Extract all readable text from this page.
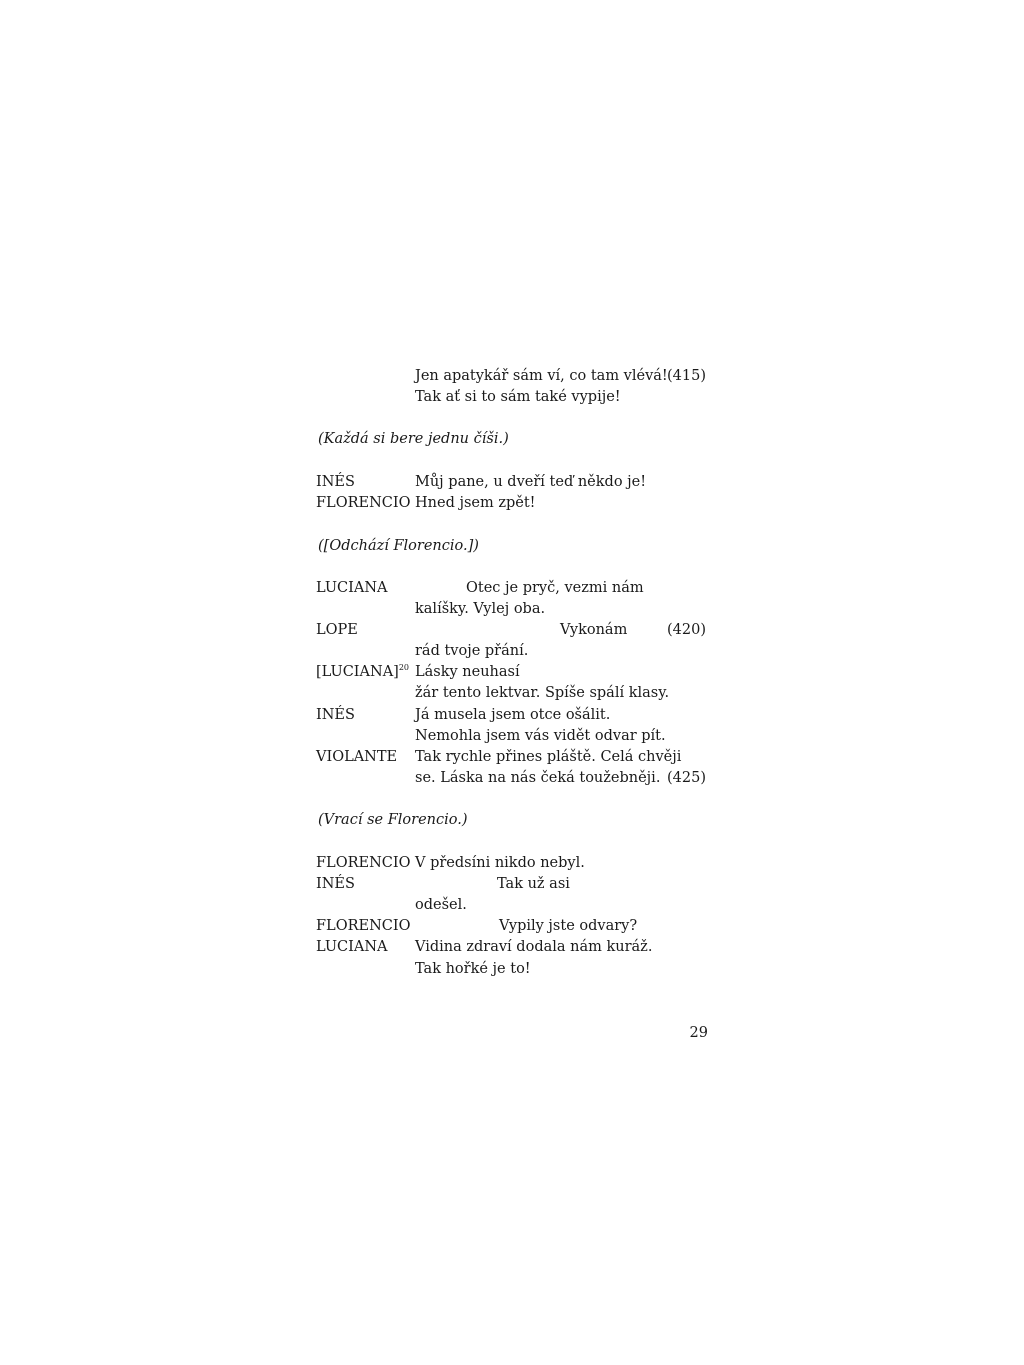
Jen apatykář sám ví, co tam vlévá! (415)
Tak ať si to sám také vypije!
(Každá si bere jednu číši.)
INÉS	Můj pane, u dveří teď někdo je!
FLORENCIO Hned jsem zpět!
([Odchází Florencio.])
LUCIANA	Otec je pryč, vezmi nám
kalíšky. Vylej oba.
LOPE	Vykonám	(420)
rád tvoje přání.
[LUCIANA]$^{20}$ Lásky neuhasí
žár tento lektvar. Spíše spálí klasy.
INÉS	Já musela jsem otce ošálit.
Nemohla jsem vás vidět odvar pít.
VIOLANTE Tak rychle přines pláště. Celá chvěji
se. Láska na nás čeká toužebněji. (425)
(Vrací se Florencio.)
FLORENCIO V předsíni nikdo nebyl.
INÉS	Tak už asi
odešel.
FLORENCIO	Vypily jste odvary?
LUCIANA Vidina zdraví dodala nám kuráž.
Tak hořké je to!
29
